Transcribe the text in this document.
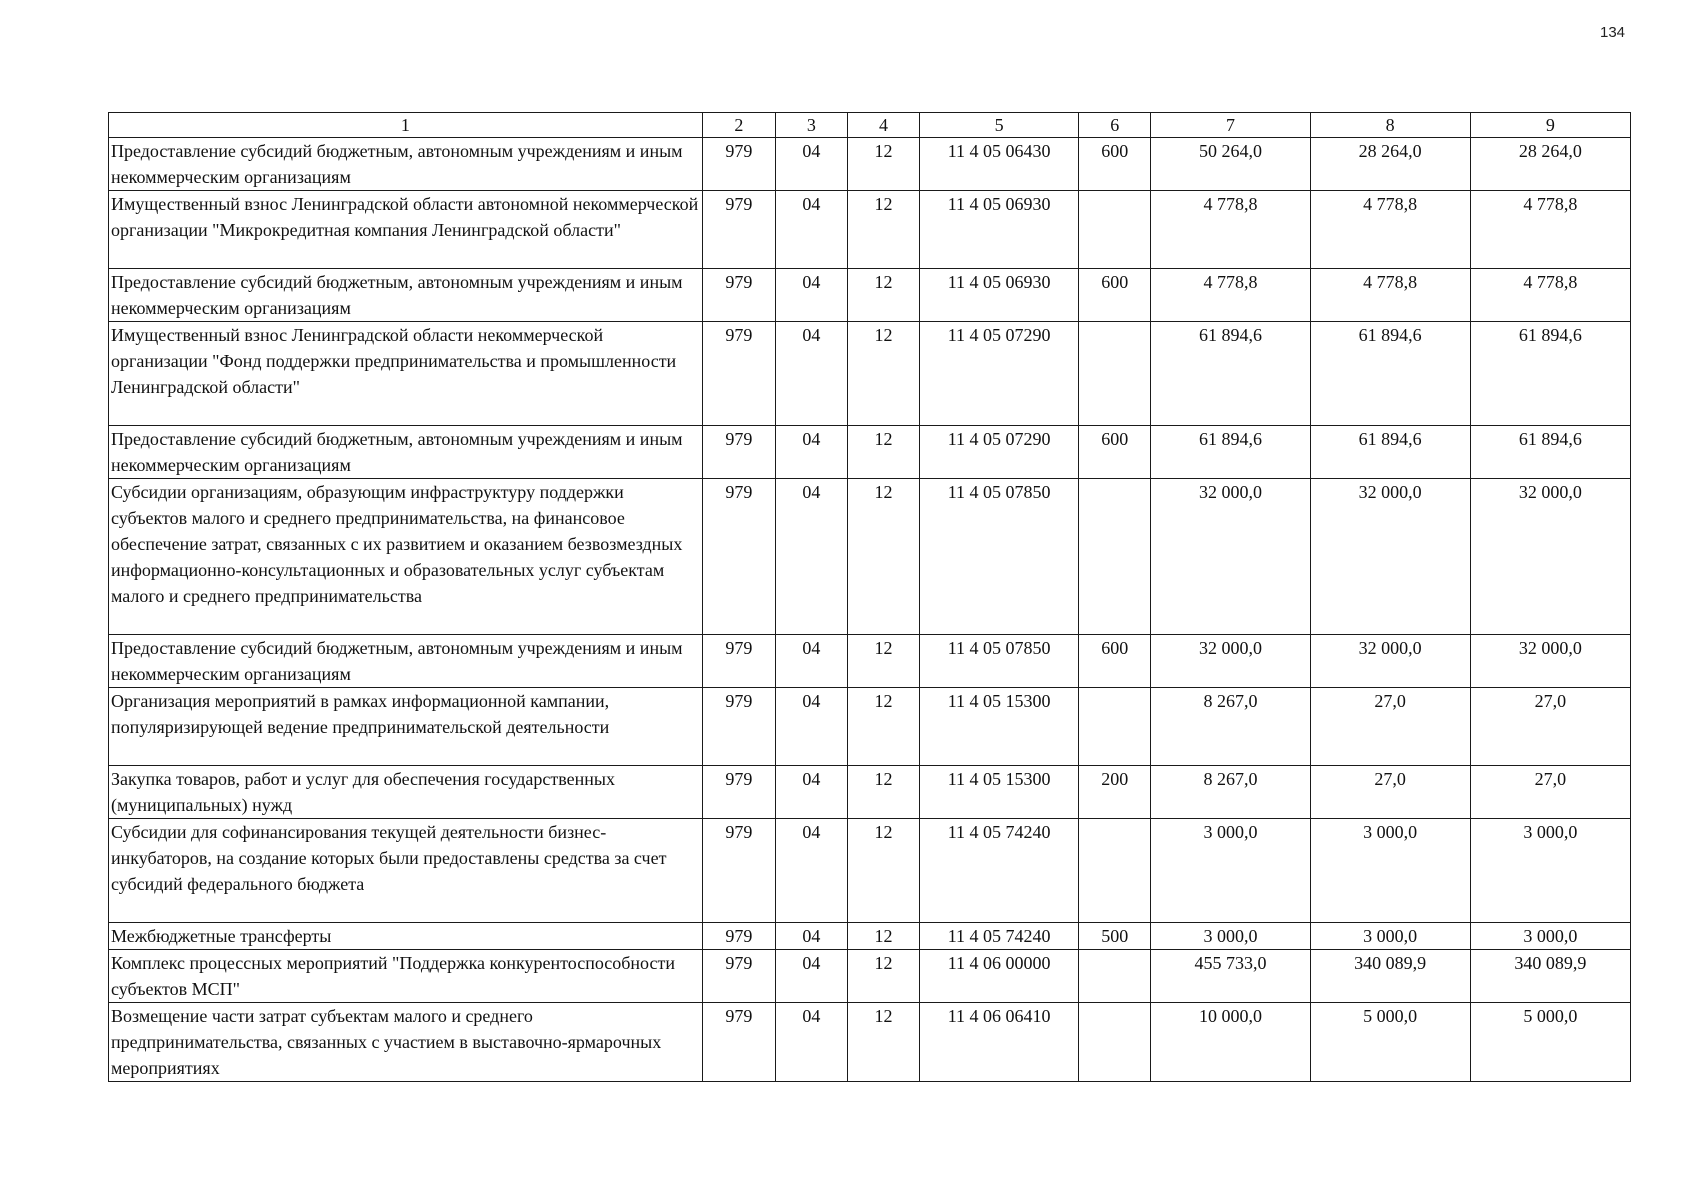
134
1	2	3	4	5	6	7	8	9
Предоставление субсидий бюджетным, автономным учреждениям и иным некоммерческим организациям	979	04	12	11 4 05 06430	600	50 264,0	28 264,0	28 264,0
Имущественный взнос Ленинградской области автономной некоммерческой организации "Микрокредитная компания Ленинградской области"	979	04	12	11 4 05 06930		4 778,8	4 778,8	4 778,8
Предоставление субсидий бюджетным, автономным учреждениям и иным некоммерческим организациям	979	04	12	11 4 05 06930	600	4 778,8	4 778,8	4 778,8
Имущественный взнос Ленинградской области некоммерческой организации "Фонд поддержки предпринимательства и промышленности Ленинградской области"	979	04	12	11 4 05 07290		61 894,6	61 894,6	61 894,6
Предоставление субсидий бюджетным, автономным учреждениям и иным некоммерческим организациям	979	04	12	11 4 05 07290	600	61 894,6	61 894,6	61 894,6
Субсидии организациям, образующим инфраструктуру поддержки субъектов малого и среднего предпринимательства, на финансовое обеспечение затрат, связанных с их развитием и оказанием безвозмездных информационно-консультационных и образовательных услуг субъектам малого и среднего предпринимательства	979	04	12	11 4 05 07850		32 000,0	32 000,0	32 000,0
Предоставление субсидий бюджетным, автономным учреждениям и иным некоммерческим организациям	979	04	12	11 4 05 07850	600	32 000,0	32 000,0	32 000,0
Организация мероприятий в рамках информационной кампании, популяризирующей ведение предпринимательской деятельности	979	04	12	11 4 05 15300		8 267,0	27,0	27,0
Закупка товаров, работ и услуг для обеспечения государственных (муниципальных) нужд	979	04	12	11 4 05 15300	200	8 267,0	27,0	27,0
Субсидии для софинансирования текущей деятельности бизнес-инкубаторов, на создание которых были предоставлены средства за счет субсидий федерального бюджета	979	04	12	11 4 05 74240		3 000,0	3 000,0	3 000,0
Межбюджетные трансферты	979	04	12	11 4 05 74240	500	3 000,0	3 000,0	3 000,0
Комплекс процессных мероприятий "Поддержка конкурентоспособности субъектов МСП"	979	04	12	11 4 06 00000		455 733,0	340 089,9	340 089,9
Возмещение части затрат субъектам малого и среднего предпринимательства, связанных с участием в выставочно-ярмарочных мероприятиях	979	04	12	11 4 06 06410		10 000,0	5 000,0	5 000,0
